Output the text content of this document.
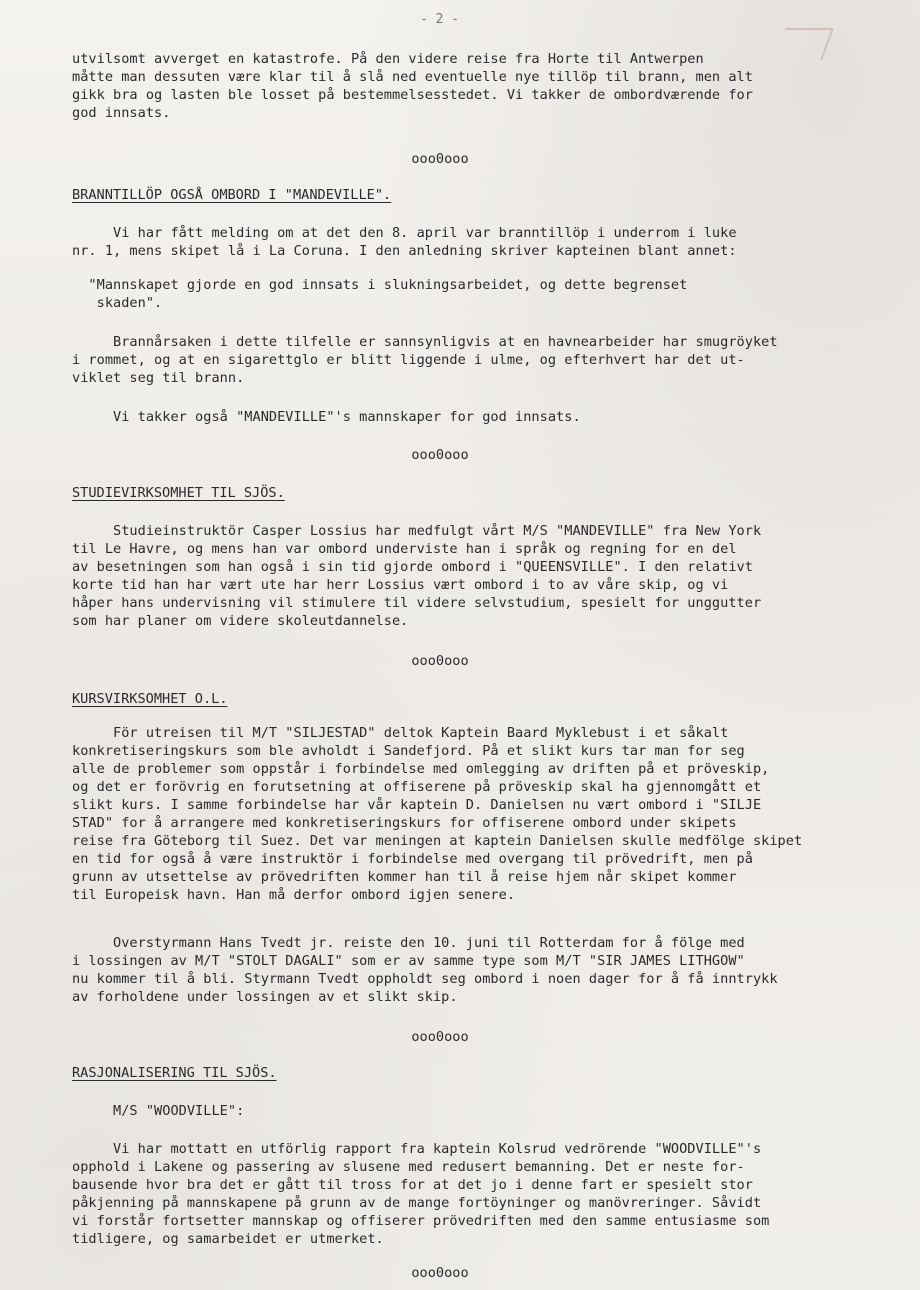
- 2 -
utvilsomt avverget en katastrofe. På den videre reise fra Horte til Antwerpen
måtte man dessuten være klar til å slå ned eventuelle nye tillöp til brann, men alt
gikk bra og lasten ble losset på bestemmelsesstedet. Vi takker de ombordværende for
god innsats.
ooo0ooo
BRANNTILLÖP OGSÅ OMBORD I "MANDEVILLE".
Vi har fått melding om at det den 8. april var branntillöp i underrom i luke
nr. 1, mens skipet lå i La Coruna. I den anledning skriver kapteinen blant annet:
"Mannskapet gjorde en god innsats i slukningsarbeidet, og dette begrenset
skaden".
Brannårsaken i dette tilfelle er sannsynligvis at en havnearbeider har smugröyket
i rommet, og at en sigarettglo er blitt liggende i ulme, og efterhvert har det ut-
viklet seg til brann.
Vi takker også "MANDEVILLE"'s mannskaper for god innsats.
ooo0ooo
STUDIEVIRKSOMHET TIL SJÖS.
Studieinstruktör Casper Lossius har medfulgt vårt M/S "MANDEVILLE" fra New York
til Le Havre, og mens han var ombord underviste han i språk og regning for en del
av besetningen som han også i sin tid gjorde ombord i "QUEENSVILLE". I den relativt
korte tid han har vært ute har herr Lossius vært ombord i to av våre skip, og vi
håper hans undervisning vil stimulere til videre selvstudium, spesielt for unggutter
som har planer om videre skoleutdannelse.
ooo0ooo
KURSVIRKSOMHET O.L.
För utreisen til M/T "SILJESTAD" deltok Kaptein Baard Myklebust i et såkalt
konkretiseringskurs som ble avholdt i Sandefjord. På et slikt kurs tar man for seg
alle de problemer som oppstår i forbindelse med omlegging av driften på et pröveskip,
og det er forövrig en forutsetning at offiserene på pröveskip skal ha gjennomgått et
slikt kurs. I samme forbindelse har vår kaptein D. Danielsen nu vært ombord i "SILJE
STAD" for å arrangere med konkretiseringskurs for offiserene ombord under skipets
reise fra Göteborg til Suez. Det var meningen at kaptein Danielsen skulle medfölge skipet
en tid for også å være instruktör i forbindelse med overgang til prövedrift, men på
grunn av utsettelse av prövedriften kommer han til å reise hjem når skipet kommer
til Europeisk havn. Han må derfor ombord igjen senere.
Overstyrmann Hans Tvedt jr. reiste den 10. juni til Rotterdam for å fölge med
i lossingen av M/T "STOLT DAGALI" som er av samme type som M/T "SIR JAMES LITHGOW"
nu kommer til å bli. Styrmann Tvedt oppholdt seg ombord i noen dager for å få inntrykk
av forholdene under lossingen av et slikt skip.
ooo0ooo
RASJONALISERING TIL SJÖS.
M/S "WOODVILLE":
Vi har mottatt en utförlig rapport fra kaptein Kolsrud vedrörende "WOODVILLE"'s
opphold i Lakene og passering av slusene med redusert bemanning. Det er neste for-
bausende hvor bra det er gått til tross for at det jo i denne fart er spesielt stor
påkjenning på mannskapene på grunn av de mange fortöyninger og manövreringer. Såvidt
vi forstår fortsetter mannskap og offiserer prövedriften med den samme entusiasme som
tidligere, og samarbeidet er utmerket.
ooo0ooo
